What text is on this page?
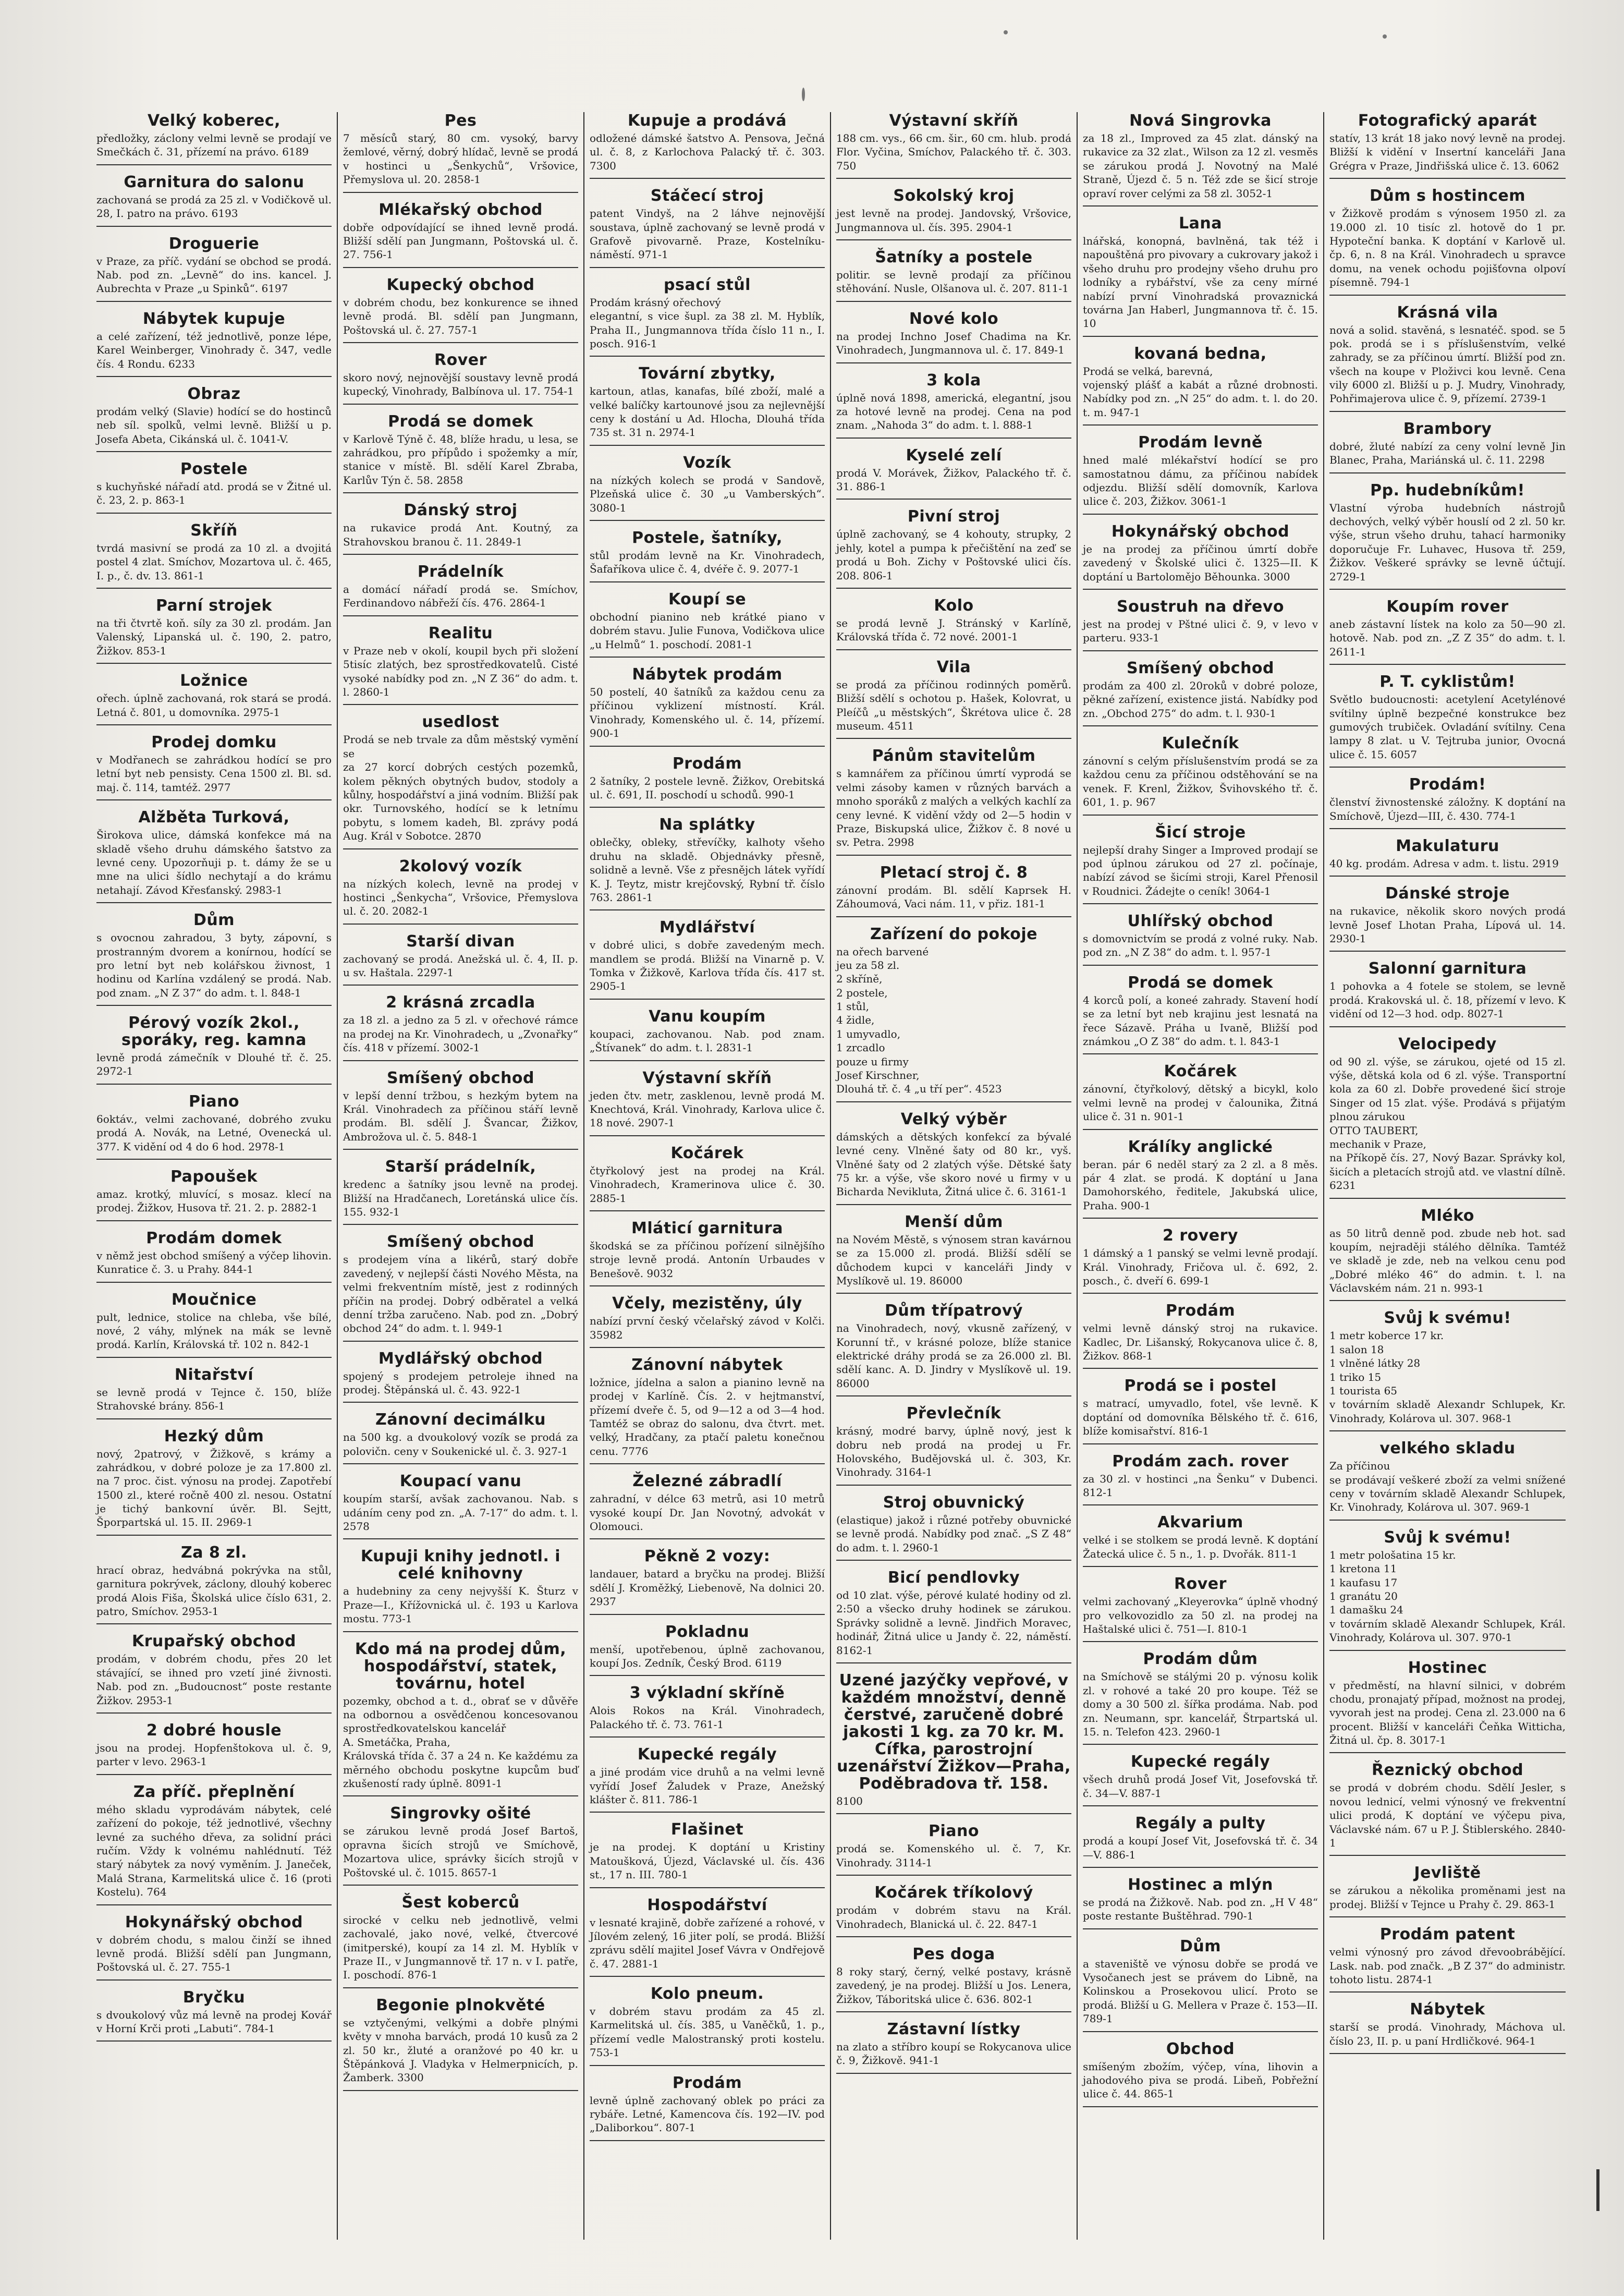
Velký koberec,

předložky, záclony velmi levně se prodají ve Smečkách č. 31, přízemí na právo. 6189

Garnitura do salonu

zachovaná se prodá za 25 zl. v Vodičkově ul. 28, I. patro na právo. 6193

Droguerie

v Praze, za příč. vydání se obchod se prodá. Nab. pod zn. „Levně“ do ins. kancel. J. Aubrechta v Praze „u Spinků“. 6197

Nábytek kupuje

a celé zařízení, též jednotlivě, ponze lépe, Karel Weinberger, Vinohrady č. 347, vedle čís. 4 Rondu. 6233

Obraz

prodám velký (Slavie) hodící se do hostinců neb síl. spolků, velmi levně. Bližší u p. Josefa Abeta, Cikánská ul. č. 1041-V.

Postele

s kuchyňské nářadí atd. prodá se v Žitné ul. č. 23, 2. p. 863-1

Skříň

tvrdá masivní se prodá za 10 zl. a dvojitá postel 4 zlat. Smíchov, Mozartova ul. č. 465, I. p., č. dv. 13. 861-1

Parní strojek

na tři čtvrtě koň. síly za 30 zl. prodám. Jan Valenský, Lipanská ul. č. 190, 2. patro, Žižkov. 853-1

Ložnice

ořech. úplně zachovaná, rok stará se prodá. Letná č. 801, u domovníka. 2975-1

Prodej domku

v Modřanech se zahrádkou hodící se pro letní byt neb pensisty. Cena 1500 zl. Bl. sd. maj. č. 114, tamtéž. 2977

Alžběta Turková,

Širokova ulice, dámská konfekce má na skladě všeho druhu dámského šatstvo za levné ceny. Upozorňuji p. t. dámy že se u mne na ulici šídlo nechytají a do krámu netahají. Závod Křesťanský. 2983-1

Dům

s ovocnou zahradou, 3 byty, zápovní, s prostranným dvorem a konírnou, hodící se pro letní byt neb kolářskou živnost, 1 hodinu od Karlína vzdálený se prodá. Nab. pod znam. „N Z 37“ do adm. t. l. 848-1

Pérový vozík 2kol., sporáky, reg. kamna

levně prodá zámečník v Dlouhé tř. č. 25. 2972-1

Piano

6oktáv., velmi zachované, dobrého zvuku prodá A. Novák, na Letné, Ovenecká ul. 377. K vidění od 4 do 6 hod. 2978-1

Papoušek

amaz. krotký, mluvící, s mosaz. klecí na prodej. Žižkov, Husova tř. 21. 2. p. 2882-1

Prodám domek

v němž jest obchod smíšený a výčep lihovin. Kunratice č. 3. u Prahy. 844-1

Moučnice

pult, lednice, stolice na chleba, vše bílé, nové, 2 váhy, mlýnek na mák se levně prodá. Karlín, Královská tř. 102 n. 842-1

Nitařství

se levně prodá v Tejnce č. 150, blíže Strahovské brány. 856-1

Hezký dům

nový, 2patrový, v Žižkově, s krámy a zahrádkou, v dobré poloze je za 17.800 zl. na 7 proc. čist. výnosu na prodej. Zapotřebí 1500 zl., které ročně 400 zl. nesou. Ostatní je tichý bankovní úvěr. Bl. Sejtt, Šporpartská ul. 15. II. 2969-1

Za 8 zl.

hrací obraz, hedvábná pokrývka na stůl, garnitura pokrývek, záclony, dlouhý koberec prodá Alois Fiša, Školská ulice číslo 631, 2. patro, Smíchov. 2953-1

Krupařský obchod

prodám, v dobrém chodu, přes 20 let stávající, se ihned pro vzetí jiné živnosti. Nab. pod zn. „Budoucnost“ poste restante Žižkov. 2953-1

2 dobré housle

jsou na prodej. Hopfenštokova ul. č. 9, parter v levo. 2963-1

Za příč. přeplnění

mého skladu vyprodávám nábytek, celé zařízení do pokoje, též jednotlivé, všechny levné za suchého dřeva, za solidní práci ručím. Vždy k volnému nahlédnutí. Též starý nábytek za nový vyměním. J. Janeček, Malá Strana, Karmelitská ulice č. 16 (proti Kostelu). 764

Hokynářský obchod

v dobrém chodu, s malou činží se ihned levně prodá. Bližší sdělí pan Jungmann, Poštovská ul. č. 27. 755-1

Bryčku

s dvoukolový vůz má levně na prodej Kovář v Horní Krči proti „Labuti“. 784-1

Pes

7 měsíců starý, 80 cm. vysoký, barvy žemlové, věrný, dobrý hlídač, levně se prodá v hostinci u „Šenkychů“, Vršovice, Přemyslova ul. 20. 2858-1

Mlékařský obchod

dobře odpovídající se ihned levně prodá. Bližší sdělí pan Jungmann, Poštovská ul. č. 27. 756-1

Kupecký obchod

v dobrém chodu, bez konkurence se ihned levně prodá. Bl. sdělí pan Jungmann, Poštovská ul. č. 27. 757-1

Rover

skoro nový, nejnovější soustavy levně prodá kupecký, Vinohrady, Balbínova ul. 17. 754-1

Prodá se domek

v Karlově Týně č. 48, blíže hradu, u lesa, se zahrádkou, pro přípůdo i spožemky a mír, stanice v místě. Bl. sdělí Karel Zbraba, Karlův Týn č. 58. 2858

Dánský stroj

na rukavice prodá Ant. Koutný, za Strahovskou branou č. 11. 2849-1

Prádelník

a domácí nářadí prodá se. Smíchov, Ferdinandovo nábřeží čís. 476. 2864-1

Realitu

v Praze neb v okolí, koupil bych při složení 5tisíc zlatých, bez sprostředkovatelů. Cisté vysoké nabídky pod zn. „N Z 36“ do adm. t. l. 2860-1

usedlost

Prodá se neb trvale za dům městský vymění se
za 27 korcí dobrých cestých pozemků, kolem pěkných obytných budov, stodoly a kůlny, hospodářství a jiná vodním. Bližší pak okr. Turnovského, hodící se k letnímu pobytu, s lomem kadeh, Bl. zprávy podá Aug. Král v Sobotce. 2870

2kolový vozík

na nízkých kolech, levně na prodej v hostinci „Šenkycha“, Vršovice, Přemyslova ul. č. 20. 2082-1

Starší divan

zachovaný se prodá. Anežská ul. č. 4, II. p. u sv. Haštala. 2297-1

2 krásná zrcadla

za 18 zl. a jedno za 5 zl. v ořechové rámce na prodej na Kr. Vinohradech, u „Zvonařky“ čís. 418 v přízemí. 3002-1

Smíšený obchod

v lepší denní tržbou, s hezkým bytem na Král. Vinohradech za příčinou stáří levně prodám. Bl. sdělí J. Švancar, Žižkov, Ambrožova ul. č. 5. 848-1

Starší prádelník,

kredenc a šatníky jsou levně na prodej. Bližší na Hradčanech, Loretánská ulice čís. 155. 932-1

Smíšený obchod

s prodejem vína a likérů, starý dobře zavedený, v nejlepší části Nového Města, na velmi frekventním místě, jest z rodinných příčin na prodej. Dobrý odběratel a velká denní tržba zaručeno. Nab. pod zn. „Dobrý obchod 24“ do adm. t. l. 949-1

Mydlářský obchod

spojený s prodejem petroleje ihned na prodej. Štěpánská ul. č. 43. 922-1

Zánovní decimálku

na 500 kg. a dvoukolový vozík se prodá za polovičn. ceny v Soukenické ul. č. 3. 927-1

Koupací vanu

koupím starší, avšak zachovanou. Nab. s udáním ceny pod zn. „A. 7-17“ do adm. t. l. 2578

Kupuji knihy jednotl. i celé knihovny

a hudebniny za ceny nejvyšší K. Šturz v Praze—I., Křížovnická ul. č. 193 u Karlova mostu. 773-1

Kdo má na prodej dům, hospodářství, statek, továrnu, hotel

pozemky, obchod a t. d., obrať se v důvěře na odbornou a osvědčenou koncesovanou sprostředkovatelskou kancelář
A. Smetáčka, Praha,
Královská třída č. 37 a 24 n. Ke každému za měrného obchodu poskytne kupcům buď zkušeností rady úplně. 8091-1

Singrovky ošité

se zárukou levně prodá Josef Bartoš, opravna šicích strojů ve Smíchově, Mozartova ulice, správky šicích strojů v Poštovské ul. č. 1015. 8657-1

Šest koberců

sirocké v celku neb jednotlivě, velmi zachovalé, jako nové, velké, čtvercové (imitperské), koupí za 14 zl. M. Hyblík v Praze II., v Jungmannově tř. 17 n. v I. patře, I. poschodí. 876-1

Begonie plnokvěté

se vztyčenými, velkými a dobře plnými květy v mnoha barvách, prodá 10 kusů za 2 zl. 50 kr., žluté a oranžové po 40 kr. u Štěpánková J. Vladyka v Helmerpnicích, p. Žamberk. 3300

Kupuje a prodává

odložené dámské šatstvo A. Pensova, Ječná ul. č. 8, z Karlochova Palacký tř. č. 303. 7300

Stáčecí stroj

patent Vindyš, na 2 láhve nejnovější soustava, úplně zachovaný se levně prodá v Grafově pivovarně. Praze, Kostelníku-náměstí. 971-1

psací stůl

Prodám krásný ořechový
elegantní, s vice šupl. za 38 zl. M. Hyblík, Praha II., Jungmannova třída číslo 11 n., I. posch. 916-1

Tovární zbytky,

kartoun, atlas, kanafas, bílé zboží, malé a velké balíčky kartounové jsou za nejlevnější ceny k dostání u Ad. Hlocha, Dlouhá třída 735 st. 31 n. 2974-1

Vozík

na nízkých kolech se prodá v Sandově, Plzeňská ulice č. 30 „u Vamberských“. 3080-1

Postele, šatníky,

stůl prodám levně na Kr. Vinohradech, Šafaříkova ulice č. 4, dvéře č. 9. 2077-1

Koupí se

obchodní pianino neb krátké piano v dobrém stavu. Julie Funova, Vodičkova ulice „u Helmů“ 1. poschodí. 2081-1

Nábytek prodám

50 postelí, 40 šatníků za každou cenu za příčinou vyklizení místností. Král. Vinohrady, Komenského ul. č. 14, přízemí. 900-1

Prodám

2 šatníky, 2 postele levně. Žižkov, Orebitská ul. č. 691, II. poschodí u schodů. 990-1

Na splátky

oblečky, obleky, střevíčky, kalhoty všeho druhu na skladě. Objednávky přesně, solidně a levně. Vše z přesnějch látek vyřídí K. J. Teytz, mistr krejčovský, Rybní tř. číslo 763. 2861-1

Mydlářství

v dobré ulici, s dobře zavedeným mech. mandlem se prodá. Bližší na Vinarně p. V. Tomka v Žižkově, Karlova třída čís. 417 st. 2905-1

Vanu koupím

koupaci, zachovanou. Nab. pod znam. „Štívanek“ do adm. t. l. 2831-1

Výstavní skříň

jeden čtv. metr, zasklenou, levně prodá M. Knechtová, Král. Vinohrady, Karlova ulice č. 18 nové. 2907-1

Kočárek

čtyřkolový jest na prodej na Král. Vinohradech, Kramerinova ulice č. 30. 2885-1

Mláticí garnitura

škodská se za příčinou pořízení silnějšího stroje levně prodá. Antonín Urbaudes v Benešově. 9032

Včely, mezistěny, úly

nabízí první český včelařský závod v Kolči. 35982

Zánovní nábytek

ložnice, jídelna a salon a pianino levně na prodej v Karlíně. Čís. 2. v hejtmanství, přízemí dveře č. 5, od 9—12 a od 3—4 hod. Tamtéž se obraz do salonu, dva čtvrt. met. velký, Hradčany, za ptačí paletu konečnou cenu. 7776

Železné zábradlí

zahradní, v délce 63 metrů, asi 10 metrů vysoké koupí Dr. Jan Novotný, advokát v Olomouci.

Pěkně 2 vozy:

landauer, batard a bryčku na prodej. Bližší sdělí J. Kroměžký, Liebenově, Na dolnici 20. 2937

Pokladnu

menší, upotřebenou, úplně zachovanou, koupí Jos. Zedník, Český Brod. 6119

3 výkladní skříně

Alois Rokos na Král. Vinohradech, Palackého tř. č. 73. 761-1

Kupecké regály

a jiné prodám vice druhů a na velmi levně vyřídí Josef Žaludek v Praze, Anežský klášter č. 811. 786-1

Flašinet

je na prodej. K doptání u Kristiny Matoušková, Újezd, Václavské ul. čís. 436 st., 17 n. III. 780-1

Hospodářství

v lesnaté krajině, dobře zařízené a rohové, v Jílovém zelený, 16 jiter polí, se prodá. Bližší zprávu sdělí majitel Josef Vávra v Ondřejově č. 47. 2881-1

Kolo pneum.

v dobrém stavu prodám za 45 zl. Karmelitská ul. čís. 385, u Vaněčků, 1. p., přízemí vedle Malostranský proti kostelu. 753-1

Prodám

levně úplně zachovaný oblek po práci za rybáře. Letné, Kamencova čís. 192—IV. pod „Daliborkou“. 807-1

Výstavní skříň

188 cm. vys., 66 cm. šir., 60 cm. hlub. prodá Flor. Vyčina, Smíchov, Palackého tř. č. 303. 750

Sokolský kroj

jest levně na prodej. Jandovský, Vršovice, Jungmannova ul. čís. 395. 2904-1

Šatníky a postele

politir. se levně prodají za příčinou stěhování. Nusle, Olšanova ul. č. 207. 811-1

Nové kolo

na prodej Inchno Josef Chadima na Kr. Vinohradech, Jungmannova ul. č. 17. 849-1

3 kola

úplně nová 1898, americká, elegantní, jsou za hotové levně na prodej. Cena na pod znam. „Nahoda 3“ do adm. t. l. 888-1

Kyselé zelí

prodá V. Morávek, Žižkov, Palackého tř. č. 31. 886-1

Pivní stroj

úplně zachovaný, se 4 kohouty, strupky, 2 jehly, kotel a pumpa k přečištění na zeď se prodá u Boh. Zichy v Poštovské ulici čís. 208. 806-1

Kolo

se prodá levně J. Stránský v Karlíně, Královská třída č. 72 nové. 2001-1

Vila

se prodá za příčinou rodinných poměrů. Bližší sdělí s ochotou p. Hašek, Kolovrat, u Pleíčů „u městských“, Škrétova ulice č. 28 museum. 4511

Pánům stavitelům

s kamnářem za příčinou úmrtí vyprodá se velmi zásoby kamen v různých barvách a mnoho sporáků z malých a velkých kachlí za ceny levné. K vidění vždy od 2—5 hodin v Praze, Biskupská ulice, Žižkov č. 8 nové u sv. Petra. 2998

Pletací stroj č. 8

zánovní prodám. Bl. sdělí Kaprsek H. Záhoumová, Vaci nám. 11, v přiz. 181-1

Zařízení do pokoje

na ořech barvené
jeu za 58 zl.
2 skříně,
2 postele,
1 stůl,
4 židle,
1 umyvadlo,
1 zrcadlo
pouze u firmy
Josef Kirschner,
Dlouhá tř. č. 4 „u tří per“. 4523

Velký výběr

dámských a dětských konfekcí za bývalé levné ceny. Vlněné šaty od 80 kr., vyš. Vlněné šaty od 2 zlatých výše. Dětské šaty 75 kr. a výše, vše skoro nové u firmy v u Bicharda Nevikluta, Žitná ulice č. 6. 3161-1

Menší dům

na Novém Městě, s výnosem stran kavárnou se za 15.000 zl. prodá. Bližší sdělí se důchodem kupci v kanceláři Jindy v Myslíkově ul. 19. 86000

Dům třípatrový

na Vinohradech, nový, vkusně zařízený, v Korunní tř., v krásné poloze, blíže stanice elektrické dráhy prodá se za 26.000 zl. Bl. sdělí kanc. A. D. Jindry v Myslíkově ul. 19. 86000

Převlečník

krásný, modré barvy, úplně nový, jest k dobru neb prodá na prodej u Fr. Holovského, Budějovská ul. č. 303, Kr. Vinohrady. 3164-1

Stroj obuvnický

(elastique) jakož i různé potřeby obuvnické se levně prodá. Nabídky pod znač. „S Z 48“ do adm. t. l. 2960-1

Bicí pendlovky

od 10 zlat. výše, pérové kulaté hodiny od zl. 2:50 a všecko druhy hodinek se zárukou. Správky solidně a levně. Jindřich Moravec, hodinář, Žitná ulice u Jandy č. 22, náměstí. 8162-1

Uzené jazýčky vepřové, v každém množství, denně čerstvé, zaručeně dobré jakosti 1 kg. za 70 kr. M. Cífka, parostrojní uzenářství Žižkov—Praha, Poděbradova tř. 158.

8100

Piano

prodá se. Komenského ul. č. 7, Kr. Vinohrady. 3114-1

Kočárek tříkolový

prodám v dobrém stavu na Král. Vinohradech, Blanická ul. č. 22. 847-1

Pes doga

8 roky starý, černý, velké postavy, krásně zavedený, je na prodej. Bližší u Jos. Lenera, Žižkov, Táboritská ulice č. 636. 802-1

Zástavní lístky

na zlato a stříbro koupí se Rokycanova ulice č. 9, Žižkově. 941-1

Nová Singrovka

za 18 zl., Improved za 45 zlat. dánský na rukavice za 32 zlat., Wilson za 12 zl. vesměs se zárukou prodá J. Novotný na Malé Straně, Újezd č. 5 n. Též zde se šicí stroje opraví rover celými za 58 zl. 3052-1

Lana

lnářská, konopná, bavlněná, tak též i napouštěná pro pivovary a cukrovary jakož i všeho druhu pro prodejny všeho druhu pro lodníky a rybářství, vše za ceny mírné nabízí první Vinohradská provaznická továrna Jan Haberl, Jungmannova tř. č. 15. 10

kovaná bedna,

Prodá se velká, barevná,
vojenský plášť a kabát a různé drobnosti. Nabídky pod zn. „N 25“ do adm. t. l. do 20. t. m. 947-1

Prodám levně

hned malé mlékařství hodící se pro samostatnou dámu, za příčinou nabídek odjezdu. Bližší sdělí domovník, Karlova ulice č. 203, Žižkov. 3061-1

Hokynářský obchod

je na prodej za příčinou úmrtí dobře zavedený v Školské ulici č. 1325—II. K doptání u Bartolomějo Běhounka. 3000

Soustruh na dřevo

jest na prodej v Pštné ulici č. 9, v levo v parteru. 933-1

Smíšený obchod

prodám za 400 zl. 20roků v dobré poloze, pěkné zařízení, existence jistá. Nabídky pod zn. „Obchod 275“ do adm. t. l. 930-1

Kulečník

zánovní s celým příslušenstvím prodá se za každou cenu za příčinou odstěhování se na venek. F. Krenl, Žižkov, Švihovského tř. č. 601, 1. p. 967

Šicí stroje

nejlepší drahy Singer a Improved prodají se pod úplnou zárukou od 27 zl. počínaje, nabízí závod se šicími stroji, Karel Přenosil v Roudnici. Žádejte o ceník! 3064-1

Uhlířský obchod

s domovnictvím se prodá z volné ruky. Nab. pod zn. „N Z 38“ do adm. t. l. 957-1

Prodá se domek

4 korců polí, a koneé zahrady. Stavení hodí se za letní byt neb krajinu jest lesnatá na řece Sázavě. Práha u Ivaně, Bližší pod známkou „O Z 38“ do adm. t. l. 843-1

Kočárek

zánovní, čtyřkolový, dětský a bicykl, kolo velmi levně na prodej v čalounika, Žitná ulice č. 31 n. 901-1

Králíky anglické

beran. pár 6 neděl starý za 2 zl. a 8 měs. pár 4 zlat. se prodá. K doptání u Jana Damohorského, ředitele, Jakubská ulice, Praha. 900-1

2 rovery

1 dámský a 1 panský se velmi levně prodají. Král. Vinohrady, Fričova ul. č. 692, 2. posch., č. dveří 6. 699-1

Prodám

velmi levně dánský stroj na rukavice. Kadlec, Dr. Lišanský, Rokycanova ulice č. 8, Žižkov. 868-1

Prodá se i postel

s matrací, umyvadlo, fotel, vše levně. K doptání od domovníka Bělského tř. č. 616, blíže komisařství. 816-1

Prodám zach. rover

za 30 zl. v hostinci „na Šenku“ v Dubenci. 812-1

Akvarium

velké i se stolkem se prodá levně. K doptání Žatecká ulice č. 5 n., 1. p. Dvořák. 811-1

Rover

velmi zachovaný „Kleyerovka“ úplně vhodný pro velkovozidlo za 50 zl. na prodej na Haštalské ulici č. 751—I. 810-1

Prodám dům

na Smíchově se stálými 20 p. výnosu kolik zl. v rohové a také 20 pro koupe. Též se domy a 30 500 zl. šířka prodáma. Nab. pod zn. Neumann, spr. kancelář, Štrpartská ul. 15. n. Telefon 423. 2960-1

Kupecké regály

všech druhů prodá Josef Vit, Josefovská tř. č. 34—V. 887-1

Regály a pulty

prodá a koupí Josef Vit, Josefovská tř. č. 34—V. 886-1

Hostinec a mlýn

se prodá na Žižkově. Nab. pod zn. „H V 48“ poste restante Buštěhrad. 790-1

Dům

a staveniště ve výnosu dobře se prodá ve Vysočanech jest se právem do Libně, na Kolinskou a Prosekovou ulicí. Proto se prodá. Bližší u G. Mellera v Praze č. 153—II. 789-1

Obchod

smíšeným zbožím, výčep, vína, lihovin a jahodového piva se prodá. Libeň, Pobřežní ulice č. 44. 865-1

Fotografický aparát

statív, 13 krát 18 jako nový levně na prodej. Bližší k vidění v Insertní kanceláři Jana Grégra v Praze, Jindřišská ulice č. 13. 6062

Dům s hostincem

v Žižkově prodám s výnosem 1950 zl. za 19.000 zl. 10 tisíc zl. hotově do 1 pr. Hypoteční banka. K doptání v Karlově ul. čp. 6, n. 8 na Král. Vinohradech u spravce domu, na venek ochodu pojišťovna olpoví písemně. 794-1

Krásná vila

nová a solid. stavěná, s lesnatéč. spod. se 5 pok. prodá se i s příslušenstvím, velké zahrady, se za příčinou úmrtí. Bližší pod zn. všech na koupe v Ploživci kou levně. Cena vily 6000 zl. Bližší u p. J. Mudry, Vinohrady, Pohřimajerova ulice č. 9, přízemí. 2739-1

Brambory

dobré, žluté nabízí za ceny volní levně Jin Blanec, Praha, Mariánská ul. č. 11. 2298

Pp. hudebníkům!

Vlastní výroba hudebních nástrojů dechových, velký výběr houslí od 2 zl. 50 kr. výše, strun všeho druhu, tahací harmoniky doporučuje Fr. Luhavec, Husova tř. 259, Žižkov. Veškeré správky se levně účtují. 2729-1

Koupím rover

aneb zástavní lístek na kolo za 50—90 zl. hotově. Nab. pod zn. „Z Z 35“ do adm. t. l. 2611-1

P. T. cyklistům!

Světlo budoucnosti: acetylení Acetylénové svítilny úplně bezpečné konstrukce bez gumových trubiček. Ovladání svítilny. Cena lampy 8 zlat. u V. Tejtruba junior, Ovocná ulice č. 15. 6057

Prodám!

členství živnostenské záložny. K doptání na Smíchově, Újezd—III, č. 430. 774-1

Makulaturu

40 kg. prodám. Adresa v adm. t. listu. 2919

Dánské stroje

na rukavice, několik skoro nových prodá levně Josef Lhotan Praha, Lípová ul. 14. 2930-1

Salonní garnitura

1 pohovka a 4 fotele se stolem, se levně prodá. Krakovská ul. č. 18, přízemí v levo. K vidění od 12—3 hod. odp. 8027-1

Velocipedy

od 90 zl. výše, se zárukou, ojeté od 15 zl. výše, dětská kola od 6 zl. výše. Transportní kola za 60 zl. Dobře provedené šicí stroje Singer od 15 zlat. výše. Prodává s přijatým plnou zárukou
OTTO TAUBERT,
mechanik v Praze,
na Příkopě čís. 27, Nový Bazar. Správky kol, šicích a pletacích strojů atd. ve vlastní dílně. 6231

Mléko

as 50 litrů denně pod. zbude neb hot. sad koupím, nejraději stálého dělníka. Tamtéž ve skladě je zde, neb na velkou cenu pod „Dobré mléko 46“ do admin. t. l. na Václavském nám. 21 n. 993-1

Svůj k svému!

1 metr koberce 17 kr.
1 salon 18
1 vlněné látky 28
1 triko 15
1 tourista 65
v továrním skladě Alexandr Schlupek, Kr. Vinohrady, Kolárova ul. 307. 968-1

velkého skladu

Za příčinou
se prodávají veškeré zboží za velmi snížené ceny v továrním skladě Alexandr Schlupek, Kr. Vinohrady, Kolárova ul. 307. 969-1

Svůj k svému!

1 metr pološatina 15 kr.
1 kretona 11
1 kaufasu 17
1 granátu 20
1 damašku 24
v továrním skladě Alexandr Schlupek, Král. Vinohrady, Kolárova ul. 307. 970-1

Hostinec

v předměstí, na hlavní silnici, v dobrém chodu, pronajatý případ, možnost na prodej, vyvorah jest na prodej. Cena zl. 23.000 na 6 procent. Bližší v kanceláři Čeňka Witticha, Žitná ul. čp. 8. 3017-1

Řeznický obchod

se prodá v dobrém chodu. Sdělí Jesler, s novou lednicí, velmi výnosný ve frekventní ulici prodá, K doptání ve výčepu piva, Václavské nám. 67 u P. J. Štiblerského. 2840-1

Jevliště

se zárukou a několika proměnami jest na prodej. Bližší v Tejnce u Prahy č. 29. 863-1

Prodám patent

velmi výnosný pro závod dřevoobrábějící. Lask. nab. pod značk. „B Z 37“ do administr. tohoto listu. 2874-1

Nábytek

starší se prodá. Vinohrady, Máchova ul. číslo 23, II. p. u paní Hrdličkové. 964-1
